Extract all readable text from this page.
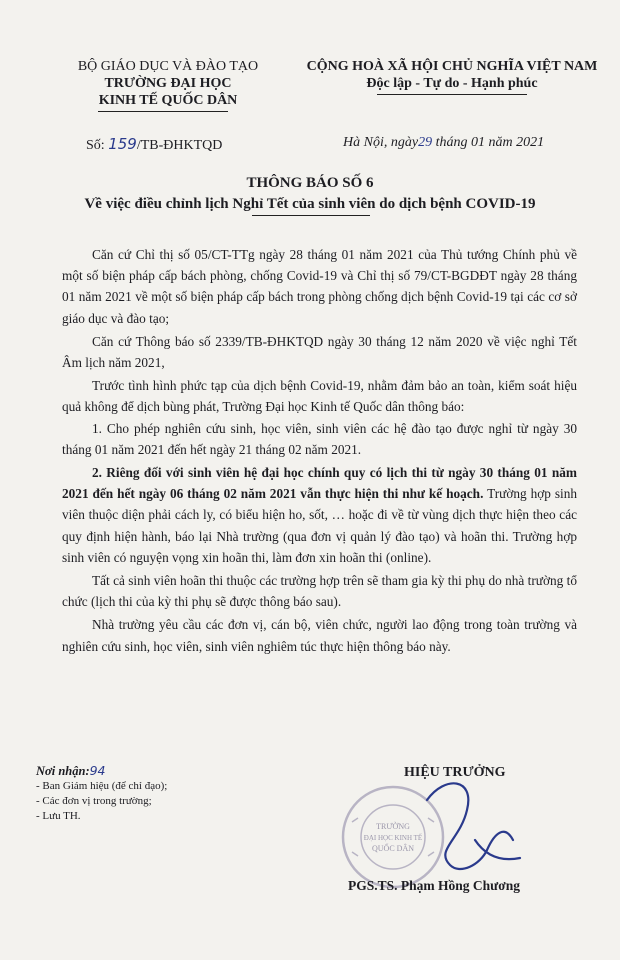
BỘ GIÁO DỤC VÀ ĐÀO TẠO
TRƯỜNG ĐẠI HỌC
KINH TẾ QUỐC DÂN
CỘNG HOÀ XÃ HỘI CHỦ NGHĨA VIỆT NAM
Độc lập - Tự do - Hạnh phúc
Số: 159/TB-ĐHKTQD	Hà Nội, ngày29 tháng 01 năm 2021
THÔNG BÁO SỐ 6
Về việc điều chỉnh lịch Nghỉ Tết của sinh viên do dịch bệnh COVID-19

Căn cứ Chỉ thị số 05/CT-TTg ngày 28 tháng 01 năm 2021 của Thủ tướng Chính phủ về một số biện pháp cấp bách phòng, chống Covid-19 và Chỉ thị số 79/CT-BGDĐT ngày 28 tháng 01 năm 2021 về một số biện pháp cấp bách trong phòng chống dịch bệnh Covid-19 tại các cơ sở giáo dục và đào tạo;

Căn cứ Thông báo số 2339/TB-ĐHKTQD ngày 30 tháng 12 năm 2020 về việc nghỉ Tết Âm lịch năm 2021,

Trước tình hình phức tạp của dịch bệnh Covid-19, nhằm đảm bảo an toàn, kiểm soát hiệu quả không để dịch bùng phát, Trường Đại học Kinh tế Quốc dân thông báo:

1. Cho phép nghiên cứu sinh, học viên, sinh viên các hệ đào tạo được nghỉ từ ngày 30 tháng 01 năm 2021 đến hết ngày 21 tháng 02 năm 2021.

2. Riêng đối với sinh viên hệ đại học chính quy có lịch thi từ ngày 30 tháng 01 năm 2021 đến hết ngày 06 tháng 02 năm 2021 vẫn thực hiện thi như kế hoạch. Trường hợp sinh viên thuộc diện phải cách ly, có biểu hiện ho, sốt, … hoặc đi về từ vùng dịch thực hiện theo các quy định hiện hành, báo lại Nhà trường (qua đơn vị quản lý đào tạo) và hoãn thi. Trường hợp sinh viên có nguyện vọng xin hoãn thi, làm đơn xin hoãn thi (online).

Tất cả sinh viên hoãn thi thuộc các trường hợp trên sẽ tham gia kỳ thi phụ do nhà trường tổ chức (lịch thi của kỳ thi phụ sẽ được thông báo sau).

Nhà trường yêu cầu các đơn vị, cán bộ, viên chức, người lao động trong toàn trường và nghiên cứu sinh, học viên, sinh viên nghiêm túc thực hiện thông báo này.

Nơi nhận:94
- Ban Giám hiệu (để chỉ đạo);
- Các đơn vị trong trường;
- Lưu TH.
HIỆU TRƯỞNG
TRƯỜNG
ĐẠI HỌC KINH TẾ
QUỐC DÂN
PGS.TS. Phạm Hồng Chương
